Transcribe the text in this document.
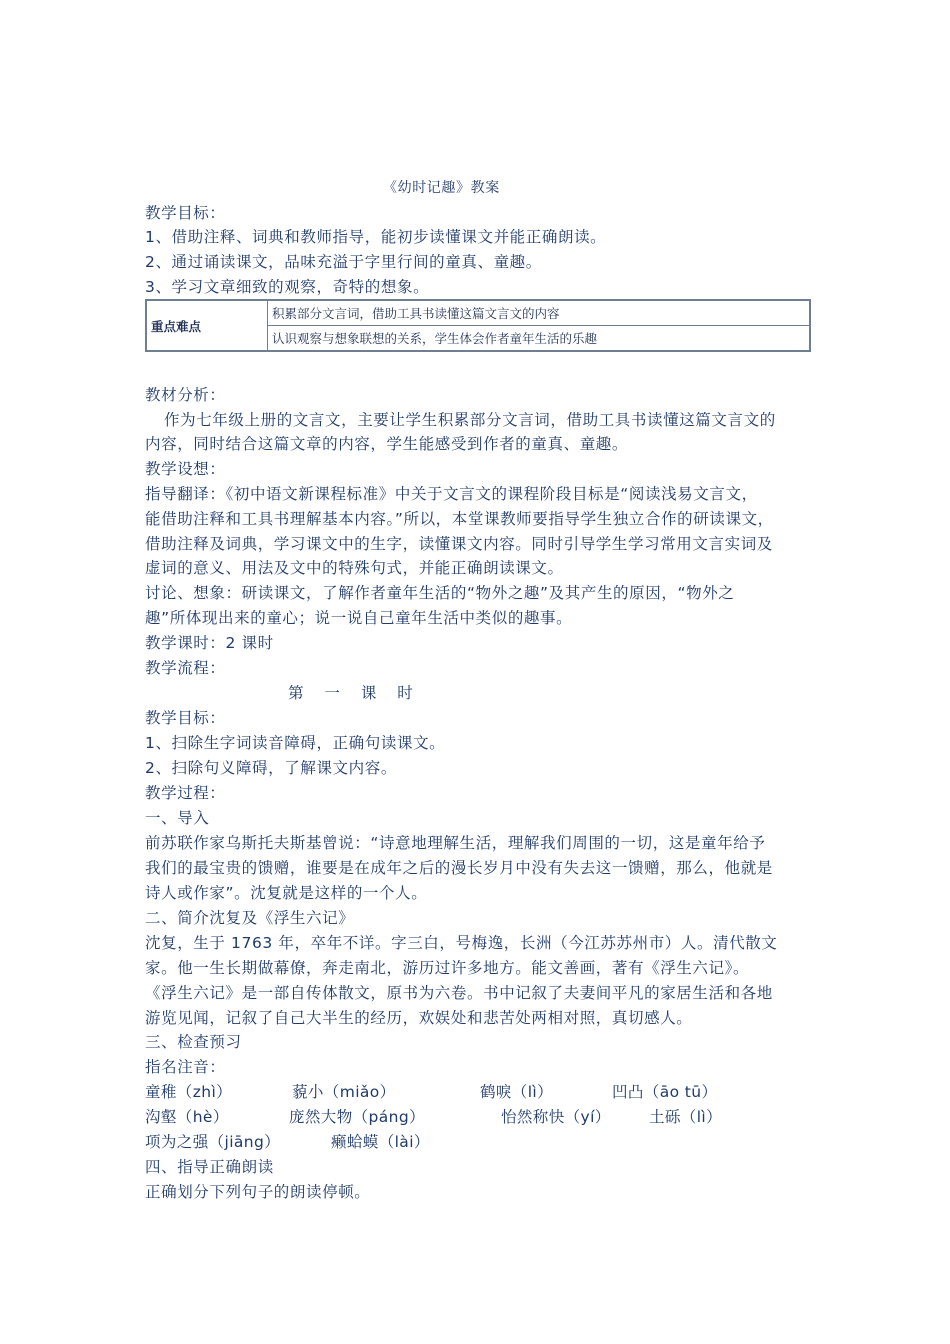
《幼时记趣》教案
教学目标：
1、借助注释、词典和教师指导，能初步读懂课文并能正确朗读。
2、通过诵读课文，品味充溢于字里行间的童真、童趣。
3、学习文章细致的观察，奇特的想象。
重点难点	积累部分文言词，借助工具书读懂这篇文言文的内容
认识观察与想象联想的关系，学生体会作者童年生活的乐趣
教材分析：
作为七年级上册的文言文，主要让学生积累部分文言词，借助工具书读懂这篇文言文的
内容，同时结合这篇文章的内容，学生能感受到作者的童真、童趣。
教学设想：
指导翻译：《初中语文新课程标准》中关于文言文的课程阶段目标是“阅读浅易文言文，
能借助注释和工具书理解基本内容。”所以，本堂课教师要指导学生独立合作的研读课文，
借助注释及词典，学习课文中的生字，读懂课文内容。同时引导学生学习常用文言实词及
虚词的意义、用法及文中的特殊句式，并能正确朗读课文。
讨论、想象：研读课文，了解作者童年生活的“物外之趣”及其产生的原因，“物外之
趣”所体现出来的童心；说一说自己童年生活中类似的趣事。
教学课时：2 课时
教学流程：
第 一 课 时
教学目标：
1、扫除生字词读音障碍，正确句读课文。
2、扫除句义障碍，了解课文内容。
教学过程：
一、导入
前苏联作家乌斯托夫斯基曾说：“诗意地理解生活，理解我们周围的一切，这是童年给予
我们的最宝贵的馈赠，谁要是在成年之后的漫长岁月中没有失去这一馈赠，那么，他就是
诗人或作家”。沈复就是这样的一个人。
二、简介沈复及《浮生六记》
沈复，生于 1763 年，卒年不详。字三白，号梅逸，长洲（今江苏苏州市）人。清代散文
家。他一生长期做幕僚，奔走南北，游历过许多地方。能文善画，著有《浮生六记》。
《浮生六记》是一部自传体散文，原书为六卷。书中记叙了夫妻间平凡的家居生活和各地
游览见闻，记叙了自己大半生的经历，欢娱处和悲苦处两相对照，真切感人。
三、检查预习
指名注音：
童稚（zhì）	藐小（miǎo）	鹤唳（lì）	凹凸（āo tū）
沟壑（hè）	庞然大物（páng）	怡然称快（yí） 土砾（lì）
项为之强（jiāng）	癞蛤蟆（lài）
四、指导正确朗读
正确划分下列句子的朗读停顿。
